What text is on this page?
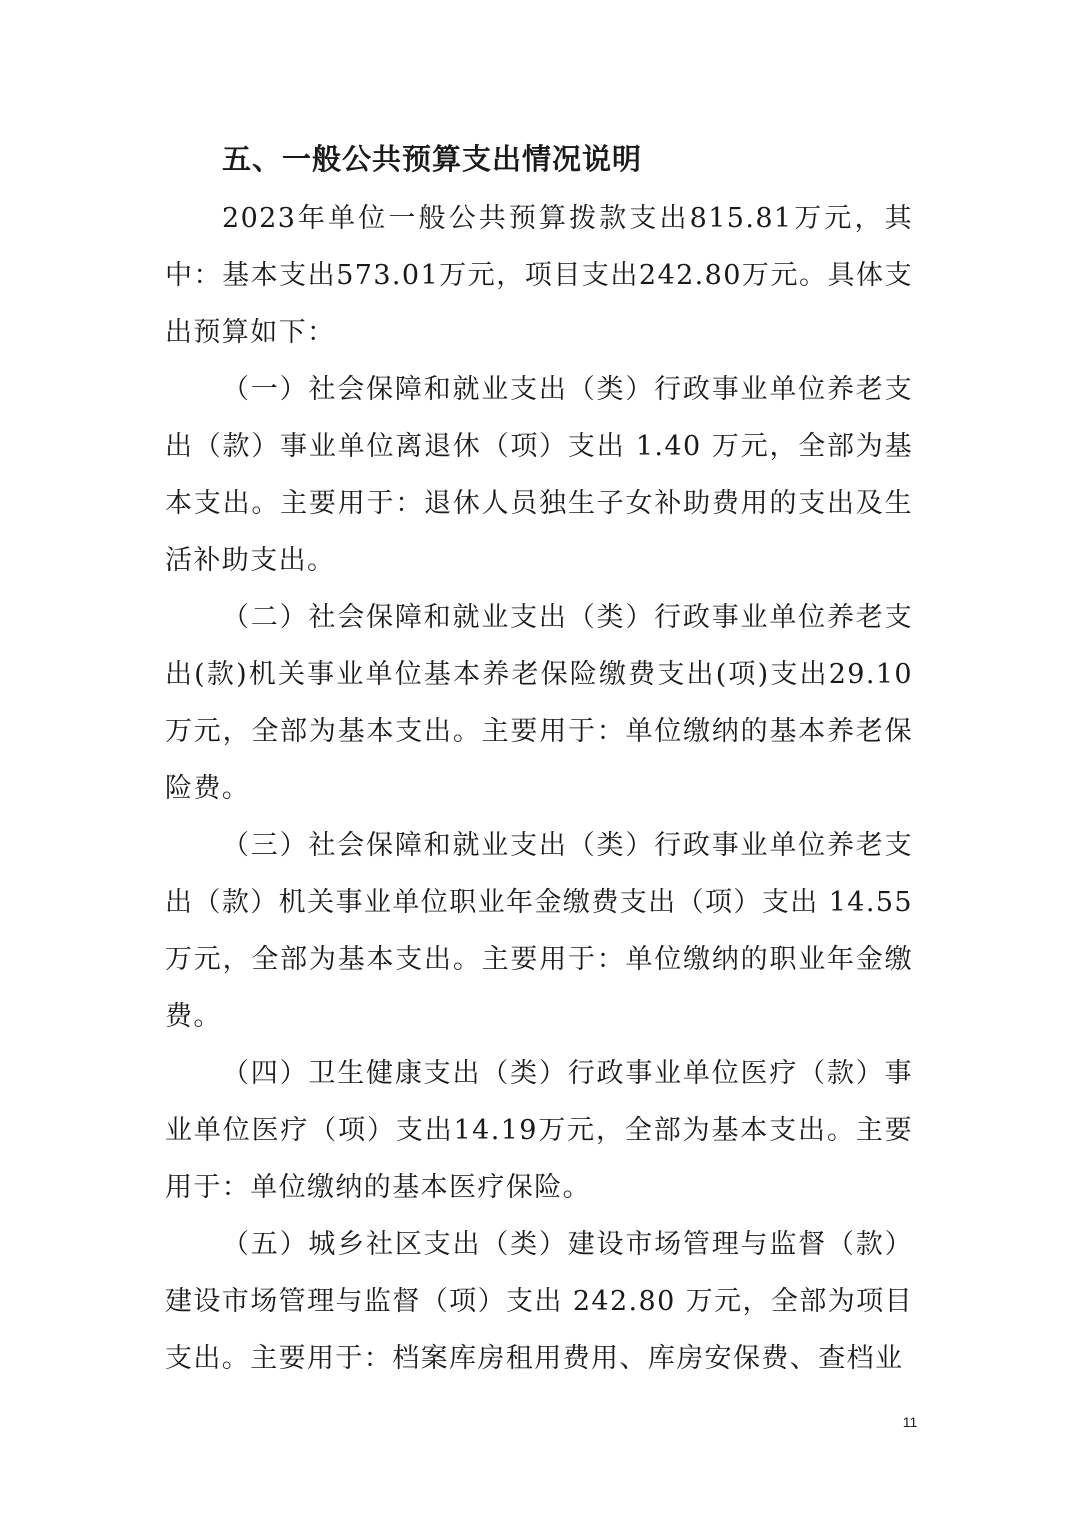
五、一般公共预算支出情况说明

2023年单位一般公共预算拨款支出815.81万元，其中：基本支出573.01万元，项目支出242.80万元。具体支出预算如下：

（一）社会保障和就业支出（类）行政事业单位养老支出（款）事业单位离退休（项）支出 1.40 万元，全部为基本支出。主要用于：退休人员独生子女补助费用的支出及生活补助支出。

（二）社会保障和就业支出（类）行政事业单位养老支出(款)机关事业单位基本养老保险缴费支出(项)支出29.10万元，全部为基本支出。主要用于：单位缴纳的基本养老保险费。

（三）社会保障和就业支出（类）行政事业单位养老支出（款）机关事业单位职业年金缴费支出（项）支出 14.55万元，全部为基本支出。主要用于：单位缴纳的职业年金缴费。

（四）卫生健康支出（类）行政事业单位医疗（款）事业单位医疗（项）支出14.19万元，全部为基本支出。主要用于：单位缴纳的基本医疗保险。

（五）城乡社区支出（类）建设市场管理与监督（款）建设市场管理与监督（项）支出 242.80 万元，全部为项目支出。主要用于：档案库房租用费用、库房安保费、查档业

11
